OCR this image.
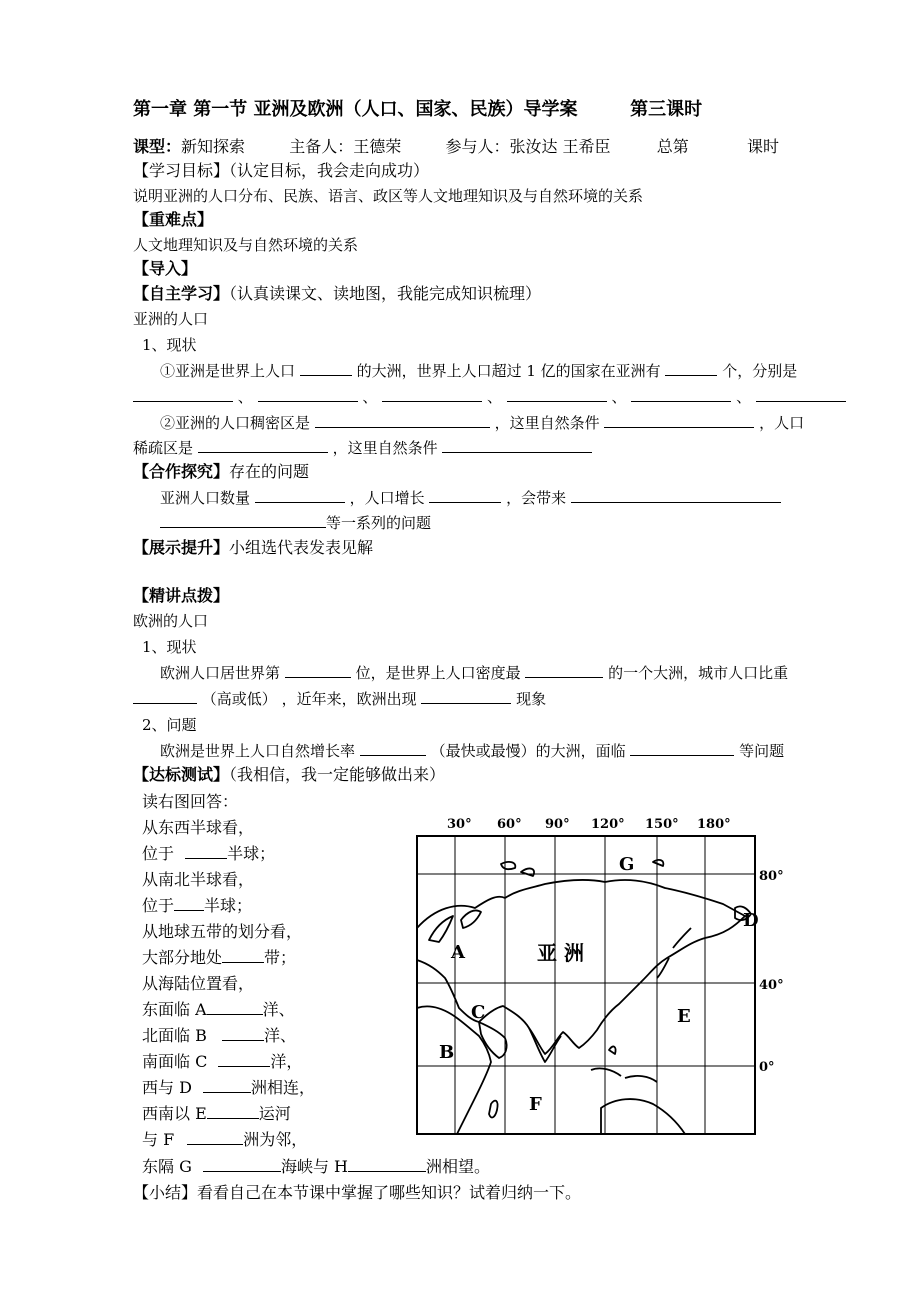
第一章 第一节 亚洲及欧洲（人口、国家、民族）导学案	第三课时
课型：新知探索	主备人：王德荣	参与人：张汝达 王希臣	总第	课时
【学习目标】（认定目标，我会走向成功）
说明亚洲的人口分布、民族、语言、政区等人文地理知识及与自然环境的关系
【重难点】
人文地理知识及与自然环境的关系
【导入】
【自主学习】（认真读课文、读地图，我能完成知识梳理）
亚洲的人口
1、现状
①亚洲是世界上人口	的大洲，世界上人口超过 1 亿的国家在亚洲有	个，分别是
、	、	、	、	、
②亚洲的人口稠密区是	，这里自然条件	，人口
稀疏区是	，这里自然条件
【合作探究】存在的问题
亚洲人口数量	，人口增长	，会带来
等一系列的问题
【展示提升】小组选代表发表见解
【精讲点拨】
欧洲的人口
1、现状
欧洲人口居世界第	位，是世界上人口密度最	的一个大洲，城市人口比重
（高或低） ，近年来，欧洲出现	现象
2、问题
欧洲是世界上人口自然增长率	（最快或最慢）的大洲，面临	等问题
【达标测试】（我相信，我一定能够做出来）
读右图回答：
从东西半球看，
位于	半球；
从南北半球看，
位于 半球；
从地球五带的划分看，
大部分地处	带；
从海陆位置看，
东面临 A	洋、
北面临 B	洋、
南面临 C	洋，
西与 D	洲相连，
西南以 E	运河
与 F	洲为邻，
东隔 G	海峡与 H	洲相望。
【小结】看看自己在本节课中掌握了哪些知识？试着归纳一下。
30° 60° 90° 120° 150° 180°
80°
40°
0°
A
B
C
D
E
F
G
亚 洲
